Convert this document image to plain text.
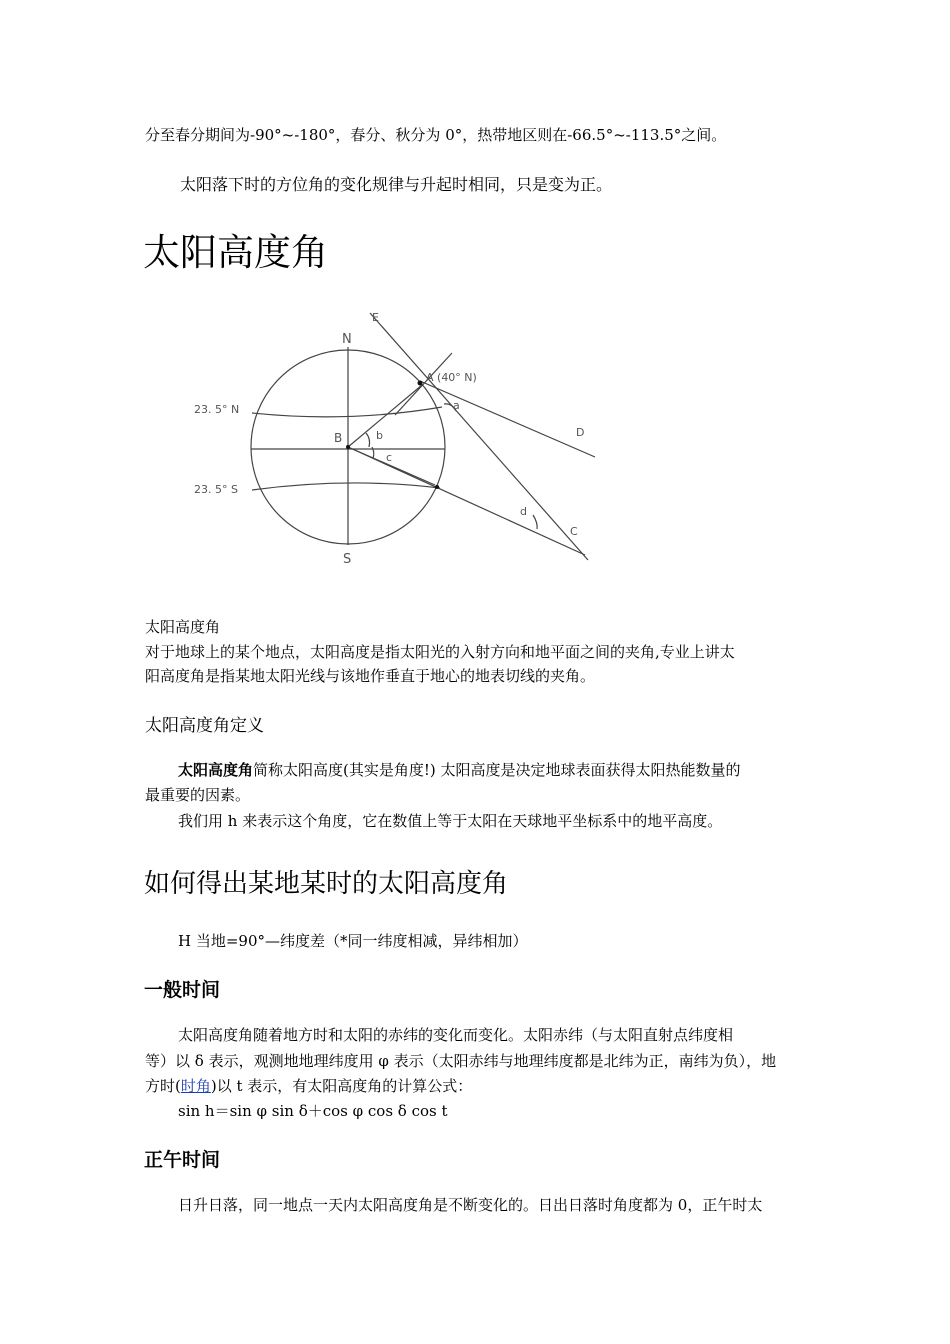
分至春分期间为-90°~-180°，春分、秋分为 0°，热带地区则在-66.5°~-113.5°之间。
太阳落下时的方位角的变化规律与升起时相同，只是变为正。
太阳高度角
E
N
A (40° N)
23. 5° N	a
B	b
c
D
23. 5° S
d
C
S
太阳高度角
对于地球上的某个地点，太阳高度是指太阳光的入射方向和地平面之间的夹角,专业上讲太
阳高度角是指某地太阳光线与该地作垂直于地心的地表切线的夹角。
太阳高度角定义
太阳高度角简称太阳高度(其实是角度!) 太阳高度是决定地球表面获得太阳热能数量的
最重要的因素。
我们用 h 来表示这个角度，它在数值上等于太阳在天球地平坐标系中的地平高度。
如何得出某地某时的太阳高度角
H 当地=90°—纬度差（*同一纬度相减，异纬相加）
一般时间
太阳高度角随着地方时和太阳的赤纬的变化而变化。太阳赤纬（与太阳直射点纬度相
等）以 δ 表示，观测地地理纬度用 φ 表示（太阳赤纬与地理纬度都是北纬为正，南纬为负），地
方时(时角)以 t 表示，有太阳高度角的计算公式：
sin h＝sin φ sin δ＋cos φ cos δ cos t
正午时间
日升日落，同一地点一天内太阳高度角是不断变化的。日出日落时角度都为 0，正午时太
